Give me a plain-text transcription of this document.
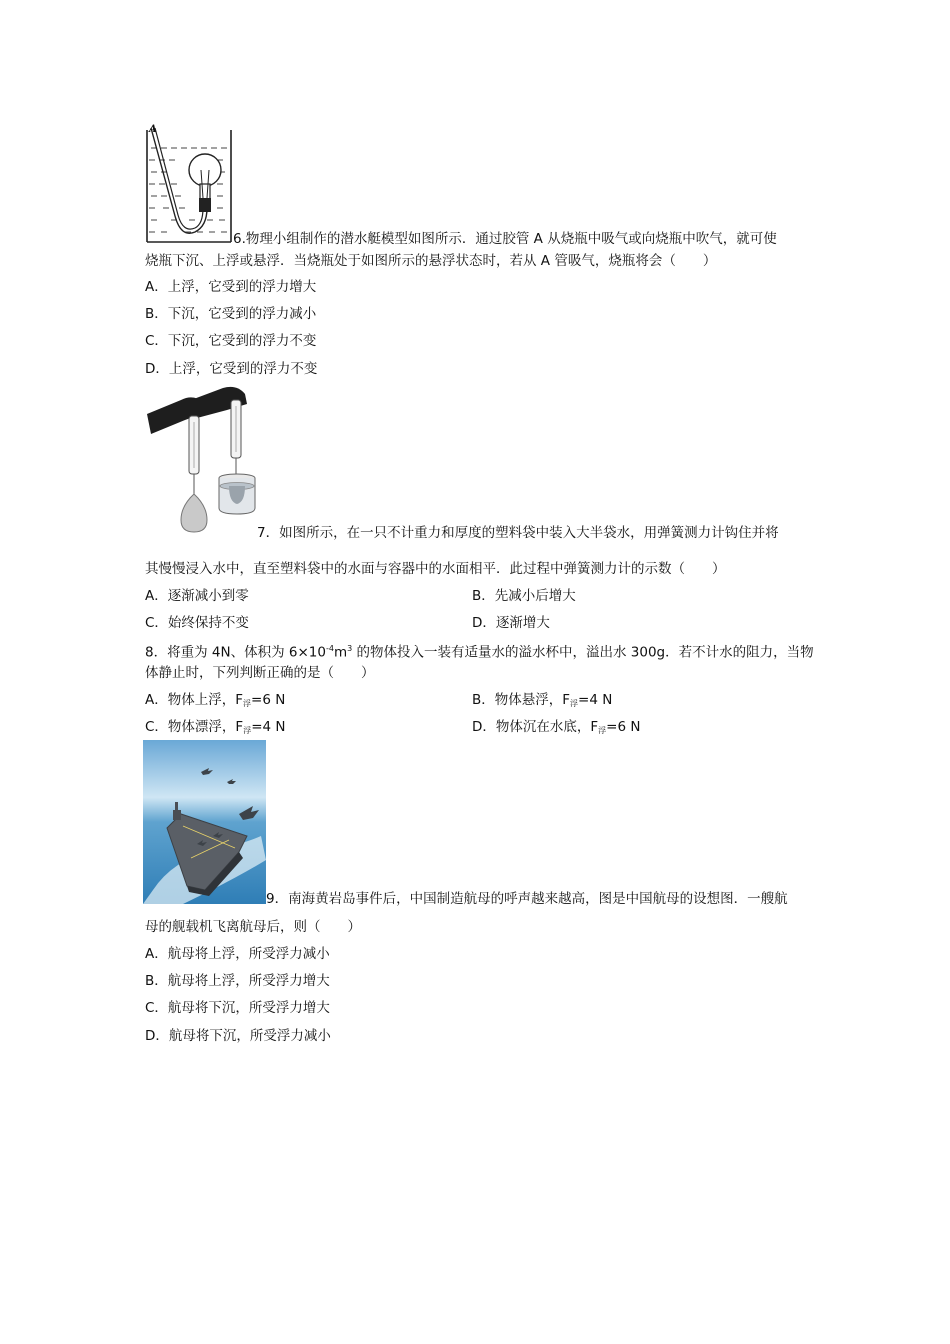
A
6.物理小组制作的潜水艇模型如图所示．通过胶管 A 从烧瓶中吸气或向烧瓶中吹气，就可使
烧瓶下沉、上浮或悬浮．当烧瓶处于如图所示的悬浮状态时，若从 A 管吸气，烧瓶将会（　　）
A．上浮，它受到的浮力增大
B．下沉，它受到的浮力减小
C．下沉，它受到的浮力不变
D．上浮，它受到的浮力不变
7．如图所示，在一只不计重力和厚度的塑料袋中装入大半袋水，用弹簧测力计钩住并将
其慢慢浸入水中，直至塑料袋中的水面与容器中的水面相平．此过程中弹簧测力计的示数（　　）
A．逐渐减小到零	B．先减小后增大
C．始终保持不变	D．逐渐增大
8．将重为 4N、体积为 $6\times 10^{-4}m^3$ 的物体投入一装有适量水的溢水杯中，溢出水 300g．若不计水的阻力，当物
体静止时，下列判断正确的是（　　）
A．物体上浮，$F_浮=6$ N	B．物体悬浮，$F_浮=4$ N
C．物体漂浮，$F_浮=4$ N	D．物体沉在水底，$F_浮=6$ N
9．南海黄岩岛事件后，中国制造航母的呼声越来越高，图是中国航母的设想图．一艘航
母的舰载机飞离航母后，则（　　）
A．航母将上浮，所受浮力减小
B．航母将上浮，所受浮力增大
C．航母将下沉，所受浮力增大
D．航母将下沉，所受浮力减小
